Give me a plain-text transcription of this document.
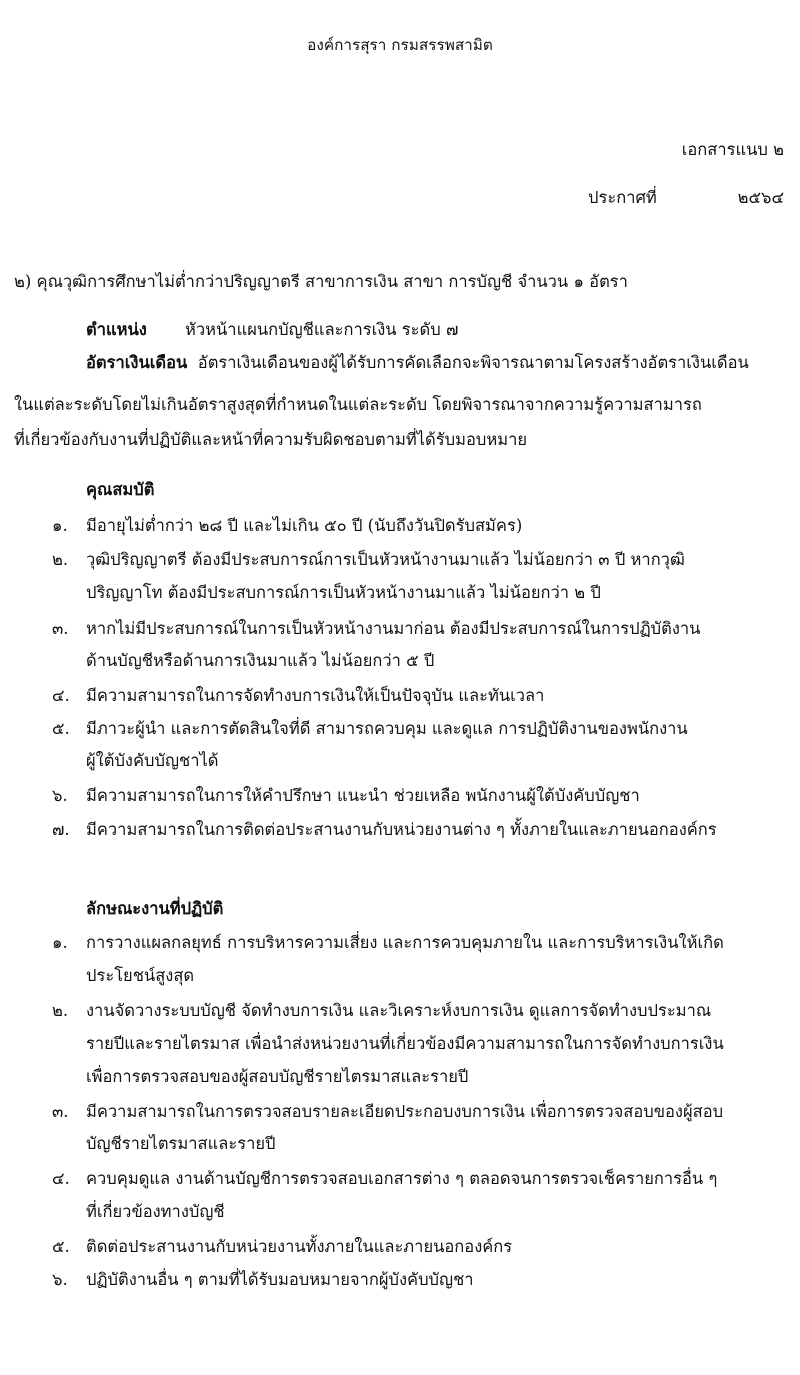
องค์การสุรา กรมสรรพสามิต
เอกสารแนบ ๒
ประกาศที่	๒๕๖๔
๒) คุณวุฒิการศึกษาไม่ต่ำกว่าปริญญาตรี สาขาการเงิน สาขา การบัญชี จำนวน ๑ อัตรา
ตำแหน่ง หัวหน้าแผนกบัญชีและการเงิน ระดับ ๗
อัตราเงินเดือน อัตราเงินเดือนของผู้ได้รับการคัดเลือกจะพิจารณาตามโครงสร้างอัตราเงินเดือน
ในแต่ละระดับโดยไม่เกินอัตราสูงสุดที่กำหนดในแต่ละระดับ โดยพิจารณาจากความรู้ความสามารถ
ที่เกี่ยวข้องกับงานที่ปฏิบัติและหน้าที่ความรับผิดชอบตามที่ได้รับมอบหมาย
คุณสมบัติ
๑. มีอายุไม่ต่ำกว่า ๒๘ ปี และไม่เกิน ๕๐ ปี (นับถึงวันปิดรับสมัคร)
๒. วุฒิปริญญาตรี ต้องมีประสบการณ์การเป็นหัวหน้างานมาแล้ว ไม่น้อยกว่า ๓ ปี หากวุฒิ
ปริญญาโท ต้องมีประสบการณ์การเป็นหัวหน้างานมาแล้ว ไม่น้อยกว่า ๒ ปี
๓. หากไม่มีประสบการณ์ในการเป็นหัวหน้างานมาก่อน ต้องมีประสบการณ์ในการปฏิบัติงาน
ด้านบัญชีหรือด้านการเงินมาแล้ว ไม่น้อยกว่า ๕ ปี
๔. มีความสามารถในการจัดทำงบการเงินให้เป็นปัจจุบัน และทันเวลา
๕. มีภาวะผู้นำ และการตัดสินใจที่ดี สามารถควบคุม และดูแล การปฏิบัติงานของพนักงาน
ผู้ใต้บังคับบัญชาได้
๖. มีความสามารถในการให้คำปรึกษา แนะนำ ช่วยเหลือ พนักงานผู้ใต้บังคับบัญชา
๗. มีความสามารถในการติดต่อประสานงานกับหน่วยงานต่าง ๆ ทั้งภายในและภายนอกองค์กร
ลักษณะงานที่ปฏิบัติ
๑. การวางแผลกลยุทธ์ การบริหารความเสี่ยง และการควบคุมภายใน และการบริหารเงินให้เกิด
ประโยชน์สูงสุด
๒. งานจัดวางระบบบัญชี จัดทำงบการเงิน และวิเคราะห์งบการเงิน ดูแลการจัดทำงบประมาณ
รายปีและรายไตรมาส เพื่อนำส่งหน่วยงานที่เกี่ยวข้องมีความสามารถในการจัดทำงบการเงิน
เพื่อการตรวจสอบของผู้สอบบัญชีรายไตรมาสและรายปี
๓. มีความสามารถในการตรวจสอบรายละเอียดประกอบงบการเงิน เพื่อการตรวจสอบของผู้สอบ
บัญชีรายไตรมาสและรายปี
๔. ควบคุมดูแล งานด้านบัญชีการตรวจสอบเอกสารต่าง ๆ ตลอดจนการตรวจเช็ครายการอื่น ๆ
ที่เกี่ยวข้องทางบัญชี
๕. ติดต่อประสานงานกับหน่วยงานทั้งภายในและภายนอกองค์กร
๖. ปฏิบัติงานอื่น ๆ ตามที่ได้รับมอบหมายจากผู้บังคับบัญชา
